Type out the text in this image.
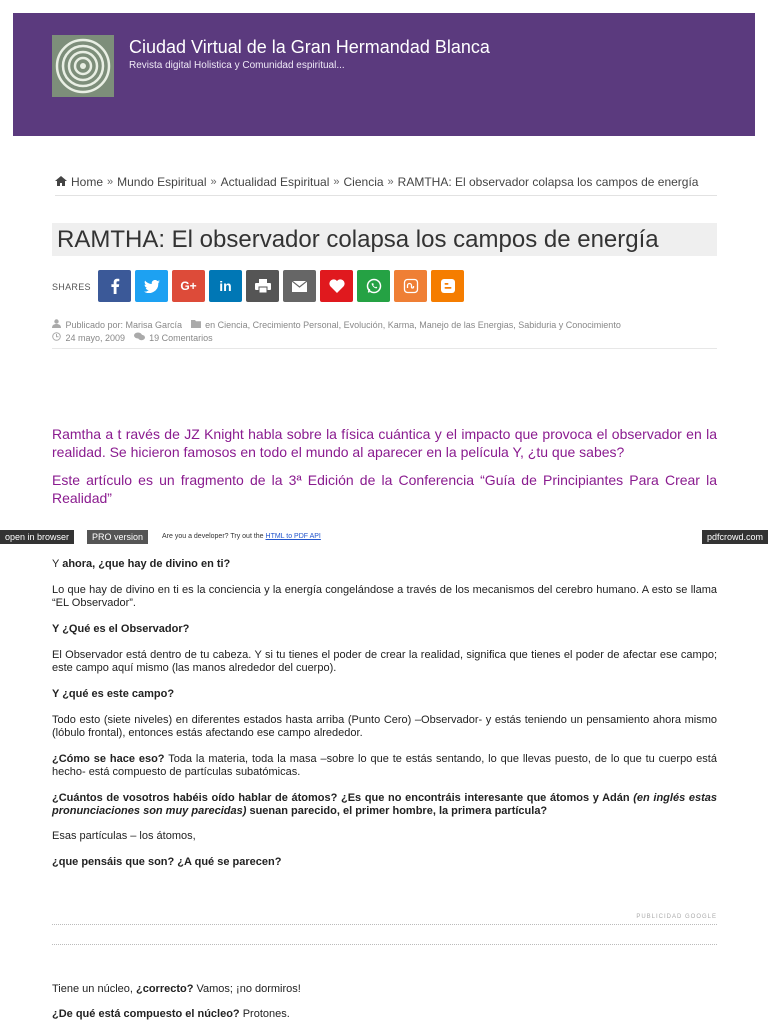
Ciudad Virtual de la Gran Hermandad Blanca
Revista digital Holistica y Comunidad espiritual...
Home » Mundo Espiritual » Actualidad Espiritual » Ciencia » RAMTHA: El observador colapsa los campos de energía
RAMTHA: El observador colapsa los campos de energía
SHARES	G+ in
Publicado por: Marisa García	en Ciencia, Crecimiento Personal, Evolución, Karma, Manejo de las Energias, Sabiduria y Conocimiento
24 mayo, 2009	19 Comentarios

Ramtha a t ravés de JZ Knight habla sobre la física cuántica y el impacto que provoca el observador en la realidad. Se hicieron famosos en todo el mundo al aparecer en la película Y, ¿tu que sabes?

Este artículo es un fragmento de la 3ª Edición de la Conferencia “Guía de Principiantes Para Crear la Realidad”

open in browser	PRO version	Are you a developer? Try out the HTML to PDF API	pdfcrowd.com

Y ahora, ¿que hay de divino en ti?

Lo que hay de divino en ti es la conciencia y la energía congelándose a través de los mecanismos del cerebro humano. A esto se llama “EL Observador”.

Y ¿Qué es el Observador?

El Observador está dentro de tu cabeza. Y si tu tienes el poder de crear la realidad, significa que tienes el poder de afectar ese campo; este campo aquí mismo (las manos alrededor del cuerpo).

Y ¿qué es este campo?

Todo esto (siete niveles) en diferentes estados hasta arriba (Punto Cero) –Observador- y estás teniendo un pensamiento ahora mismo (lóbulo frontal), entonces estás afectando ese campo alrededor.

¿Cómo se hace eso? Toda la materia, toda la masa –sobre lo que te estás sentando, lo que llevas puesto, de lo que tu cuerpo está hecho- está compuesto de partículas subatómicas.

¿Cuántos de vosotros habéis oído hablar de átomos? ¿Es que no encontráis interesante que átomos y Adán (en inglés estas pronunciaciones son muy parecidas) suenan parecido, el primer hombre, la primera partícula?

Esas partículas – los átomos,

¿que pensáis que son? ¿A qué se parecen?

PUBLICIDAD GOOGLE

Tiene un núcleo, ¿correcto? Vamos; ¡no dormiros!

¿De qué está compuesto el núcleo? Protones.
